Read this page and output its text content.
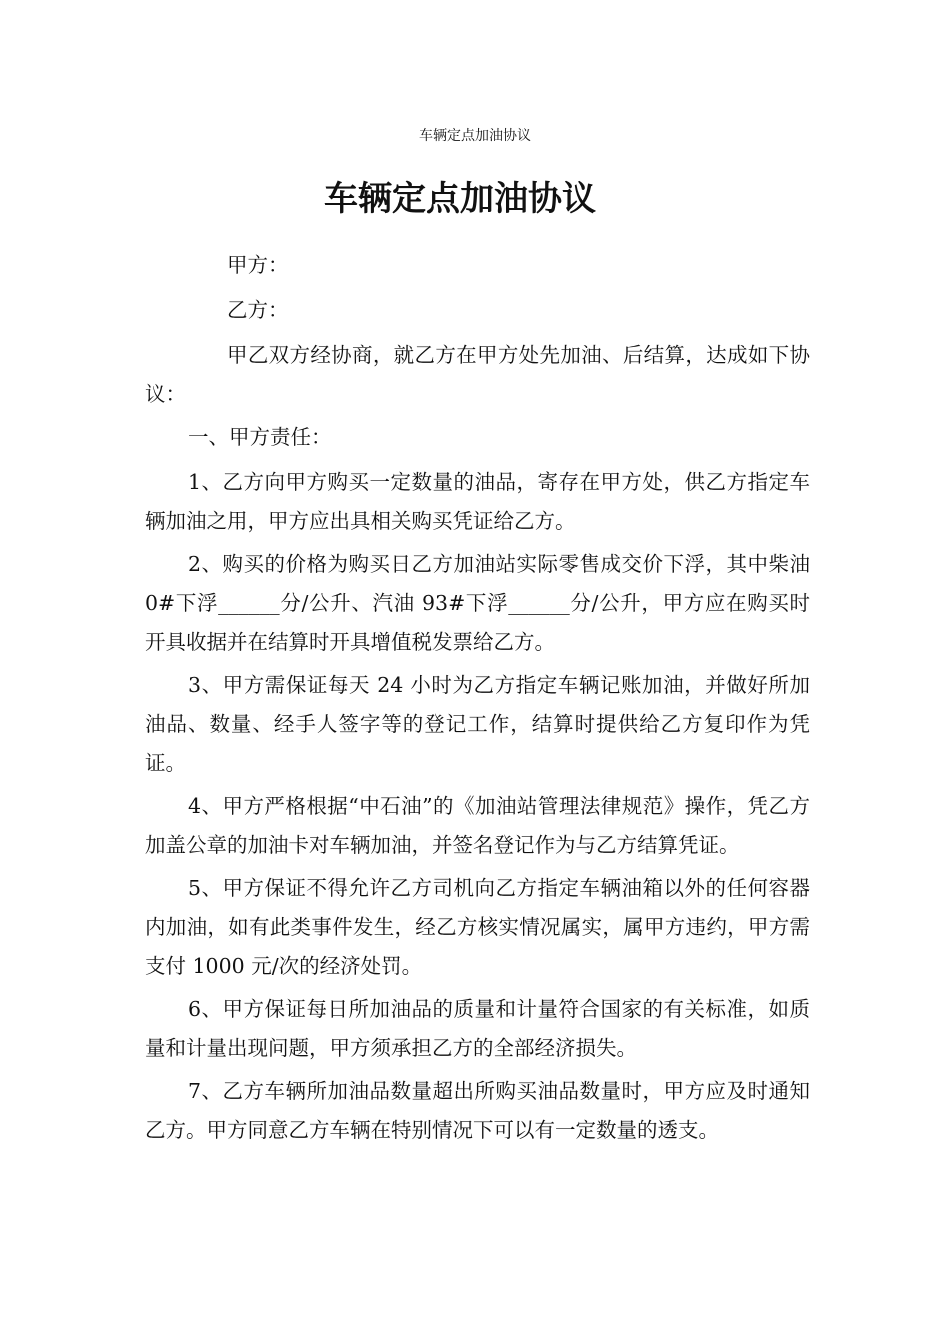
车辆定点加油协议
车辆定点加油协议

甲方：

乙方：

甲乙双方经协商，就乙方在甲方处先加油、后结算，达成如下协议：

一、甲方责任：

1、乙方向甲方购买一定数量的油品，寄存在甲方处，供乙方指定车辆加油之用，甲方应出具相关购买凭证给乙方。

2、购买的价格为购买日乙方加油站实际零售成交价下浮，其中柴油 0#下浮______分/公升、汽油 93#下浮______分/公升，甲方应在购买时开具收据并在结算时开具增值税发票给乙方。

3、甲方需保证每天 24 小时为乙方指定车辆记账加油，并做好所加油品、数量、经手人签字等的登记工作，结算时提供给乙方复印作为凭证。

4、甲方严格根据“中石油”的《加油站管理法律规范》操作，凭乙方加盖公章的加油卡对车辆加油，并签名登记作为与乙方结算凭证。

5、甲方保证不得允许乙方司机向乙方指定车辆油箱以外的任何容器内加油，如有此类事件发生，经乙方核实情况属实，属甲方违约，甲方需支付 1000 元/次的经济处罚。

6、甲方保证每日所加油品的质量和计量符合国家的有关标准，如质量和计量出现问题，甲方须承担乙方的全部经济损失。

7、乙方车辆所加油品数量超出所购买油品数量时，甲方应及时通知乙方。甲方同意乙方车辆在特别情况下可以有一定数量的透支。
